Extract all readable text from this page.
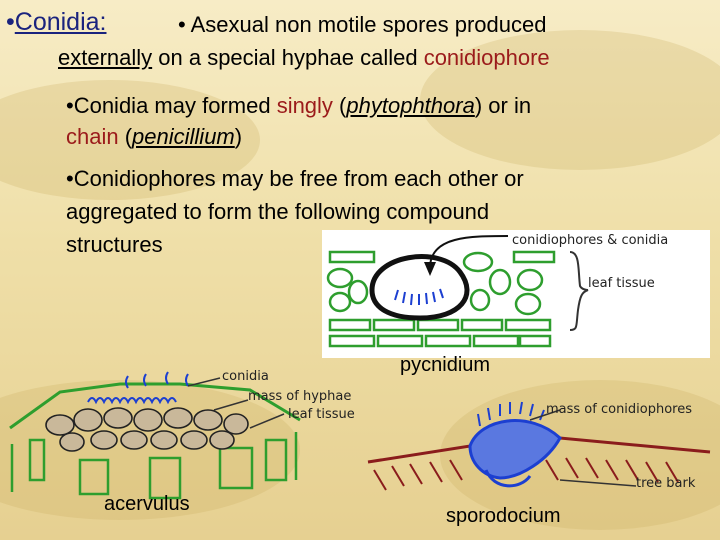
•Conidia:	• Asexual non motile spores produced
externally on a special hyphae called conidiophore
•Conidia may formed singly (phytophthora) or in
chain (penicillium)
•Conidiophores may be free from each other or
aggregated to form the following compound
structures	conidiophores & conidia
leaf tissue
pycnidium
conidia
mass of hyphae
leaf tissue
acervulus
mass of conidiophores
tree bark
sporodocium
